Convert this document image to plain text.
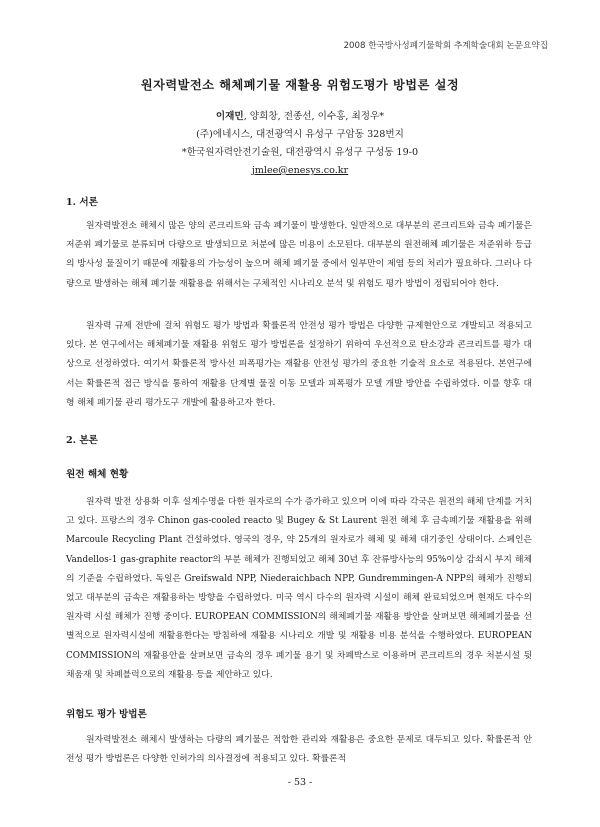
2008 한국방사성폐기물학회 추계학술대회 논문요약집
원자력발전소 해체폐기물 재활용 위험도평가 방법론 설정
이재민, 양희창, 전종선, 이수홍, 최정우*
(주)에네시스, 대전광역시 유성구 구암동 328번지
*한국원자력안전기술원, 대전광역시 유성구 구성동 19-0
jmlee@enesys.co.kr
1. 서론

원자력발전소 해체시 많은 양의 콘크리트와 금속 폐기물이 발생한다. 일반적으로 대부분의 콘크리트와 금속 폐기물은 저준위 폐기물로 분류되며 다량으로 발생되므로 처분에 많은 비용이 소모된다. 대부분의 원전해체 폐기물은 저준위하 등급의 방사성 물질이기 때문에 재활용의 가능성이 높으며 해체 폐기물 중에서 일부만이 제염 등의 처리가 필요하다. 그러나 다량으로 발생하는 해체 폐기물 재활용을 위해서는 구체적인 시나리오 분석 및 위험도 평가 방법이 정립되어야 한다.

원자력 규제 전반에 걸쳐 위험도 평가 방법과 확률론적 안전성 평가 방법은 다양한 규제현안으로 개발되고 적용되고 있다. 본 연구에서는 해체폐기물 재활용 위험도 평가 방법론을 설정하기 위하여 우선적으로 탄소강과 콘크리트를 평가 대상으로 선정하였다. 여기서 확률론적 방사선 피폭평가는 재활용 안전성 평가의 중요한 기술적 요소로 적용된다. 본연구에서는 확률론적 접근 방식을 통하여 재활용 단계별 물질 이동 모델과 피폭평가 모델 개발 방안을 수립하였다. 이를 향후 대형 해체 폐기물 관리 평가도구 개발에 활용하고자 한다.

2. 본론
원전 해체 현황

원자력 발전 상용화 이후 설계수명을 다한 원자로의 수가 증가하고 있으며 이에 따라 각국은 원전의 해체 단계를 거치고 있다. 프랑스의 경우 Chinon gas-cooled reacto 및 Bugey & St Laurent 원전 해체 후 금속폐기물 재활용을 위해 Marcoule Recycling Plant 건설하였다. 영국의 경우, 약 25개의 원자로가 해체 및 해체 대기중인 상태이다. 스페인은 Vandellos-1 gas-graphite reactor의 부분 해체가 진행되었고 해체 30년 후 잔류방사능의 95%이상 감쇠시 부지 해체의 기준을 수립하였다. 독일은 Greifswald NPP, Niederaichbach NPP, Gundremmingen-A NPP의 해체가 진행되었고 대부분의 금속은 재활용하는 방향을 수립하였다. 미국 역시 다수의 원자력 시설이 해체 완료되었으며 현재도 다수의 원자력 시설 해체가 진행 중이다. EUROPEAN COMMISSION의 해체폐기물 재활용 방안을 살펴보면 해체폐기물을 선별적으로 원자력시설에 재활용한다는 방침하에 재활용 시나리오 개발 및 재활용 비용 분석을 수행하였다. EUROPEAN COMMISSION의 재활용안을 살펴보면 금속의 경우 폐기물 용기 및 차폐박스로 이용하며 콘크리트의 경우 처분시설 뒷채움재 및 차폐블럭으로의 재활용 등을 제안하고 있다.

위험도 평가 방법론

원자력발전소 해체시 발생하는 다량의 폐기물은 적합한 관리와 재활용은 중요한 문제로 대두되고 있다. 확률론적 안전성 평가 방법론은 다양한 인허가의 의사결정에 적용되고 있다. 확률론적

- 53 -
